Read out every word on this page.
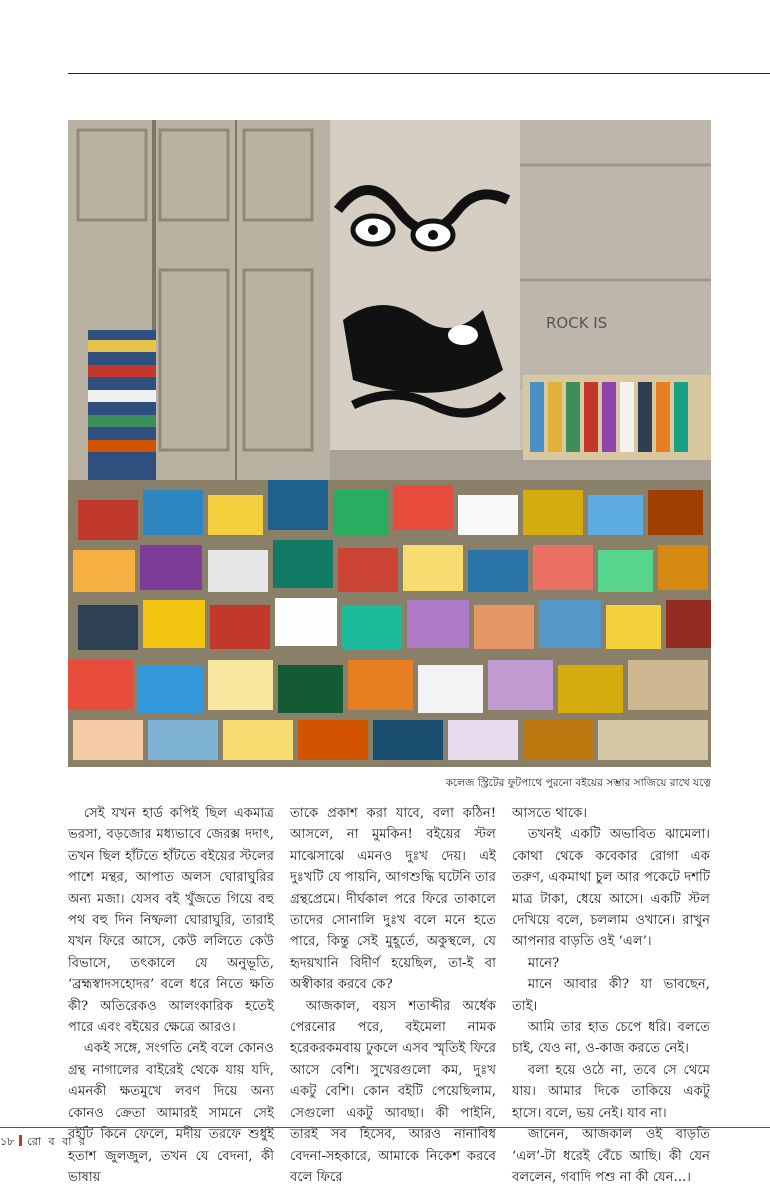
ROCK IS
কলেজ স্ট্রিটের ফুটপাথে পুরনো বইয়ের সম্ভার সাজিয়ে রাখে যত্নে

সেই যখন হার্ড কপিই ছিল একমাত্র ভরসা, বড়জোর মধ্যভাবে জেরক্স দদাৎ, তখন ছিল হাঁটতে হাঁটতে বইয়ের স্টলের পাশে মন্থর, আপাত অলস ঘোরাঘুরির অন্য মজা। যেসব বই খুঁজতে গিয়ে বহু পথ বহু দিন নিষ্ফলা ঘোরাঘুরি, তারাই যখন ফিরে আসে, কেউ ললিতে কেউ বিভাসে, তৎকালে যে অনুভূতি, ‘ব্রহ্মস্বাদসহোদর’ বলে ধরে নিতে ক্ষতি কী? অতিরেকও আলংকারিক হতেই পারে এবং বইয়ের ক্ষেত্রে আরও।

একই সঙ্গে, সংগতি নেই বলে কোনও গ্রন্থ নাগালের বাইরেই থেকে যায় যদি, এমনকী ক্ষতমুখে লবণ দিয়ে অন্য কোনও ক্রেতা আমারই সামনে সেই বইটি কিনে ফেলে, মদীয় তরফে শুধুই হতাশ জুলজুল, তখন যে বেদনা, কী ভাষায়

তাকে প্রকাশ করা যাবে, বলা কঠিন! আসলে, না মুমকিন! বইয়ের স্টল মাঝেসাঝে এমনও দুঃখ দেয়। এই দুঃখটি যে পায়নি, আগশুদ্ধি ঘটেনি তার গ্রন্থপ্রেমে। দীর্ঘকাল পরে ফিরে তাকালে তাদের সোনালি দুঃখ বলে মনে হতে পারে, কিন্তু সেই মুহূর্তে, অকুস্থলে, যে হৃদয়খানি বিদীর্ণ হয়েছিল, তা-ই বা অস্বীকার করবে কে?

আজকাল, বয়স শতাব্দীর অর্ধেক পেরনোর পরে, বইমেলা নামক হরেকরকমবায় ঢুকলে এসব স্মৃতিই ফিরে আসে বেশি। সুখেরগুলো কম, দুঃখ একটু বেশি। কোন বইটি পেয়েছিলাম, সেগুলো একটু আবছা। কী পাইনি, তারই সব হিসেব, আরও নানাবিধ বেদনা-সহকারে, আমাকে নিকেশ করবে বলে ফিরে

আসতে থাকে।

তখনই একটি অভাবিত ঝামেলা। কোথা থেকে কবেকার রোগা এক তরুণ, একমাথা চুল আর পকেটে দশটি মাত্র টাকা, ধেয়ে আসে। একটি স্টল দেখিয়ে বলে, চললাম ওখানে। রাখুন আপনার বাড়তি ওই ‘এল’।

মানে?

মানে আবার কী? যা ভাবছেন, তাই।

আমি তার হাত চেপে ধরি। বলতে চাই, যেও না, ও-কাজ করতে নেই।

বলা হয়ে ওঠে না, তবে সে থেমে যায়। আমার দিকে তাকিয়ে একটু হাসে। বলে, ভয় নেই। যাব না।

জানেন, আজকাল ওই বাড়তি ‘এল’-টা ধরেই বেঁচে আছি। কী যেন বললেন, গবাদি পশু না কী যেন...।

১৮ রো ব বা র
